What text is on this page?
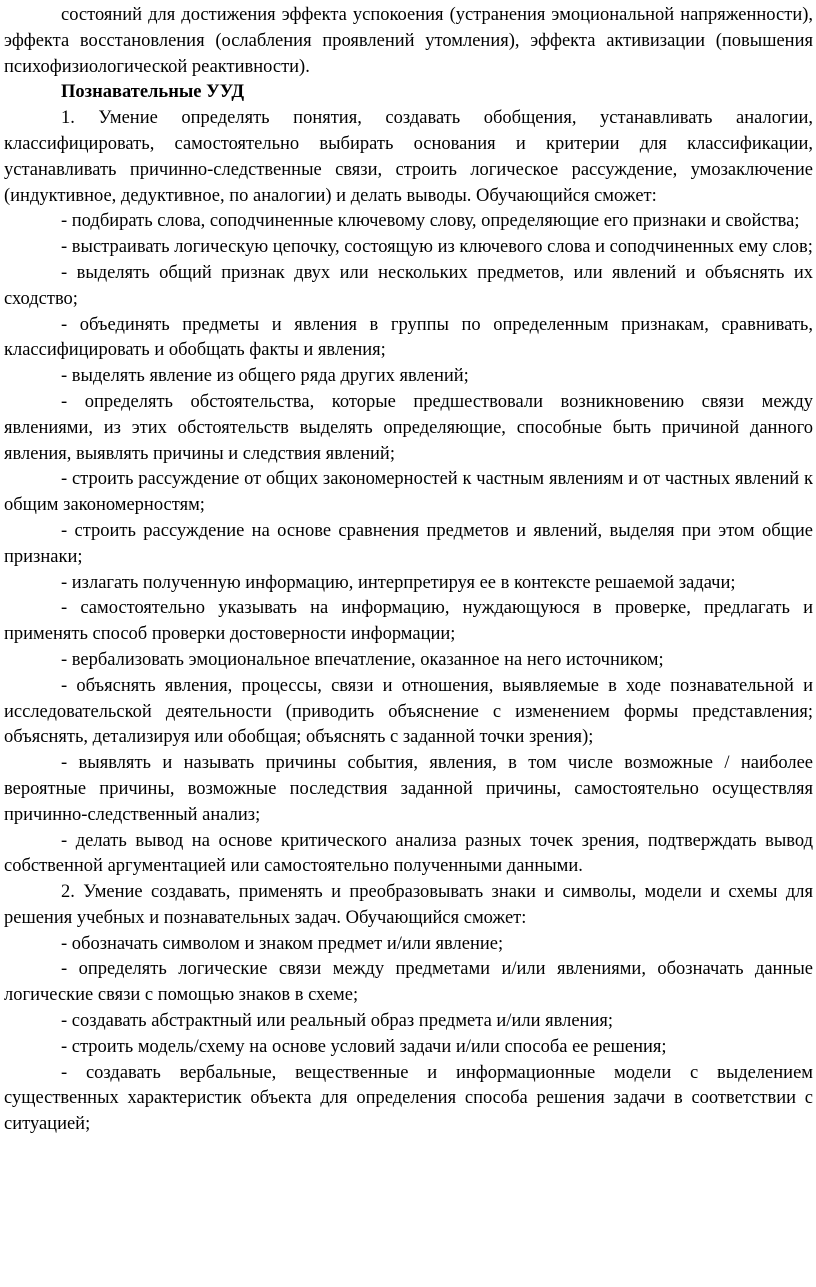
состояний для достижения эффекта успокоения (устранения эмоциональной напряженности), эффекта восстановления (ослабления проявлений утомления), эффекта активизации (повышения психофизиологической реактивности).

Познавательные УУД

1. Умение определять понятия, создавать обобщения, устанавливать аналогии, классифицировать, самостоятельно выбирать основания и критерии для классификации, устанавливать причинно-следственные связи, строить логическое рассуждение, умозаключение (индуктивное, дедуктивное, по аналогии) и делать выводы. Обучающийся сможет:

- подбирать слова, соподчиненные ключевому слову, определяющие его признаки и свойства;

- выстраивать логическую цепочку, состоящую из ключевого слова и соподчиненных ему слов;

- выделять общий признак двух или нескольких предметов, или явлений и объяснять их сходство;

- объединять предметы и явления в группы по определенным признакам, сравнивать, классифицировать и обобщать факты и явления;

- выделять явление из общего ряда других явлений;

- определять обстоятельства, которые предшествовали возникновению связи между явлениями, из этих обстоятельств выделять определяющие, способные быть причиной данного явления, выявлять причины и следствия явлений;

- строить рассуждение от общих закономерностей к частным явлениям и от частных явлений к общим закономерностям;

- строить рассуждение на основе сравнения предметов и явлений, выделяя при этом общие признаки;

- излагать полученную информацию, интерпретируя ее в контексте решаемой задачи;

- самостоятельно указывать на информацию, нуждающуюся в проверке, предлагать и применять способ проверки достоверности информации;

- вербализовать эмоциональное впечатление, оказанное на него источником;

- объяснять явления, процессы, связи и отношения, выявляемые в ходе познавательной и исследовательской деятельности (приводить объяснение с изменением формы представления; объяснять, детализируя или обобщая; объяснять с заданной точки зрения);

- выявлять и называть причины события, явления, в том числе возможные / наиболее вероятные причины, возможные последствия заданной причины, самостоятельно осуществляя причинно-следственный анализ;

- делать вывод на основе критического анализа разных точек зрения, подтверждать вывод собственной аргументацией или самостоятельно полученными данными.

2. Умение создавать, применять и преобразовывать знаки и символы, модели и схемы для решения учебных и познавательных задач. Обучающийся сможет:

- обозначать символом и знаком предмет и/или явление;

- определять логические связи между предметами и/или явлениями, обозначать данные логические связи с помощью знаков в схеме;

- создавать абстрактный или реальный образ предмета и/или явления;

- строить модель/схему на основе условий задачи и/или способа ее решения;

- создавать вербальные, вещественные и информационные модели с выделением существенных характеристик объекта для определения способа решения задачи в соответствии с ситуацией;
